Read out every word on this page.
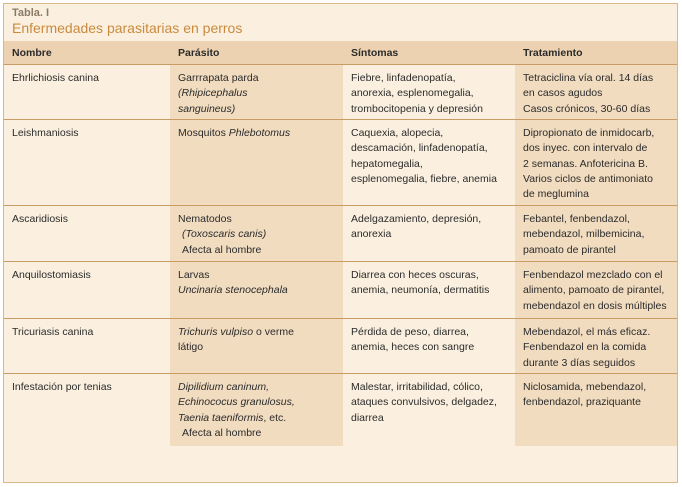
Tabla. I
Enfermedades parasitarias en perros
Nombre	Parásito	Síntomas	Tratamiento

Ehrlichiosis canina	Garrrapata parda
(Rhipicephalus
sanguineus)	Fiebre, linfadenopatía,
anorexia, esplenomegalia,
trombocitopenia y depresión	Tetraciclina vía oral. 14 días
en casos agudos
Casos crónicos, 30-60 días

Leishmaniosis	Mosquitos Phlebotomus	Caquexia, alopecia,
descamación, linfadenopatía,
hepatomegalia,
esplenomegalia, fiebre, anemia	Dipropionato de inmidocarb,
dos inyec. con intervalo de
2 semanas. Anfotericina B.
Varios ciclos de antimoniato
de meglumina

Ascaridiosis	Nematodos
(Toxoscaris canis)
Afecta al hombre	Adelgazamiento, depresión,
anorexia	Febantel, fenbendazol,
mebendazol, milbemicina,
pamoato de pirantel

Anquilostomiasis	Larvas
Uncinaria stenocephala	Diarrea con heces oscuras,
anemia, neumonía, dermatitis	Fenbendazol mezclado con el
alimento, pamoato de pirantel,
mebendazol en dosis múltiples

Tricuriasis canina	Trichuris vulpiso o verme
látigo	Pérdida de peso, diarrea,
anemia, heces con sangre	Mebendazol, el más eficaz.
Fenbendazol en la comida
durante 3 días seguidos

Infestación por tenias	Dipilidium caninum,
Echinococus granulosus,
Taenia taeniformis, etc.
Afecta al hombre	Malestar, irritabilidad, cólico,
ataques convulsivos, delgadez,
diarrea	Niclosamida, mebendazol,
fenbendazol, praziquante
